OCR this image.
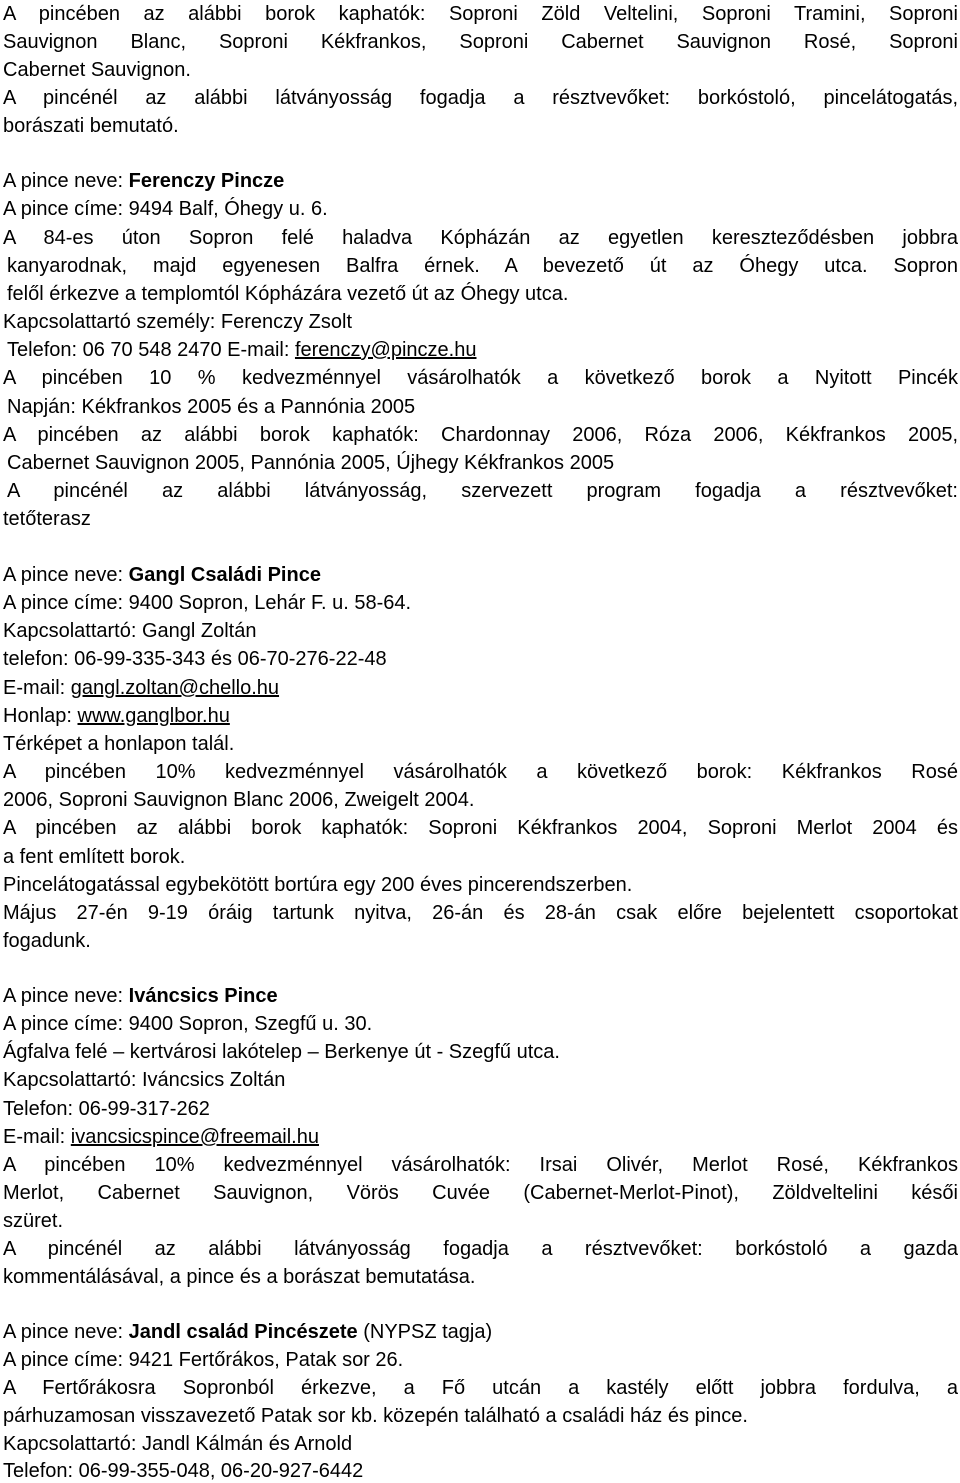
A pincében az alábbi borok kaphatók: Soproni Zöld Veltelini, Soproni Tramini, Soproni
Sauvignon Blanc, Soproni Kékfrankos, Soproni Cabernet Sauvignon Rosé, Soproni
Cabernet Sauvignon.
A pincénél az alábbi látványosság fogadja a résztvevőket: borkóstoló, pincelátogatás,
borászati bemutató.
A pince neve: Ferenczy Pincze
A pince címe: 9494 Balf, Óhegy u. 6.
A 84-es úton Sopron felé haladva Kópházán az egyetlen kereszteződésben jobbra
kanyarodnak, majd egyenesen Balfra érnek. A bevezető út az Óhegy utca. Sopron
felől érkezve a templomtól Kópházára vezető út az Óhegy utca.
Kapcsolattartó személy: Ferenczy Zsolt
Telefon: 06 70 548 2470 E-mail: ferenczy@pincze.hu
A pincében 10 % kedvezménnyel vásárolhatók a következő borok a Nyitott Pincék
Napján: Kékfrankos 2005 és a Pannónia 2005
A pincében az alábbi borok kaphatók: Chardonnay 2006, Róza 2006, Kékfrankos 2005,
Cabernet Sauvignon 2005, Pannónia 2005, Újhegy Kékfrankos 2005
A pincénél az alábbi látványosság, szervezett program fogadja a résztvevőket:
tetőterasz
A pince neve: Gangl Családi Pince
A pince címe: 9400 Sopron, Lehár F. u. 58-64.
Kapcsolattartó: Gangl Zoltán
telefon: 06-99-335-343 és 06-70-276-22-48
E-mail: gangl.zoltan@chello.hu
Honlap: www.ganglbor.hu
Térképet a honlapon talál.
A pincében 10% kedvezménnyel vásárolhatók a következő borok: Kékfrankos Rosé
2006, Soproni Sauvignon Blanc 2006, Zweigelt 2004.
A pincében az alábbi borok kaphatók: Soproni Kékfrankos 2004, Soproni Merlot 2004 és
a fent említett borok.
Pincelátogatással egybekötött bortúra egy 200 éves pincerendszerben.
Május 27-én 9-19 óráig tartunk nyitva, 26-án és 28-án csak előre bejelentett csoportokat
fogadunk.
A pince neve: Iváncsics Pince
A pince címe: 9400 Sopron, Szegfű u. 30.
Ágfalva felé – kertvárosi lakótelep – Berkenye út - Szegfű utca.
Kapcsolattartó: Iváncsics Zoltán
Telefon: 06-99-317-262
E-mail: ivancsicspince@freemail.hu
A pincében 10% kedvezménnyel vásárolhatók: Irsai Olivér, Merlot Rosé, Kékfrankos
Merlot, Cabernet Sauvignon, Vörös Cuvée (Cabernet-Merlot-Pinot), Zöldveltelini késői
szüret.
A pincénél az alábbi látványosság fogadja a résztvevőket: borkóstoló a gazda
kommentálásával, a pince és a borászat bemutatása.
A pince neve: Jandl család Pincészete (NYPSZ tagja)
A pince címe: 9421 Fertőrákos, Patak sor 26.
A Fertőrákosra Sopronból érkezve, a Fő utcán a kastély előtt jobbra fordulva, a
párhuzamosan visszavezető Patak sor kb. közepén található a családi ház és pince.
Kapcsolattartó: Jandl Kálmán és Arnold
Telefon: 06-99-355-048, 06-20-927-6442
